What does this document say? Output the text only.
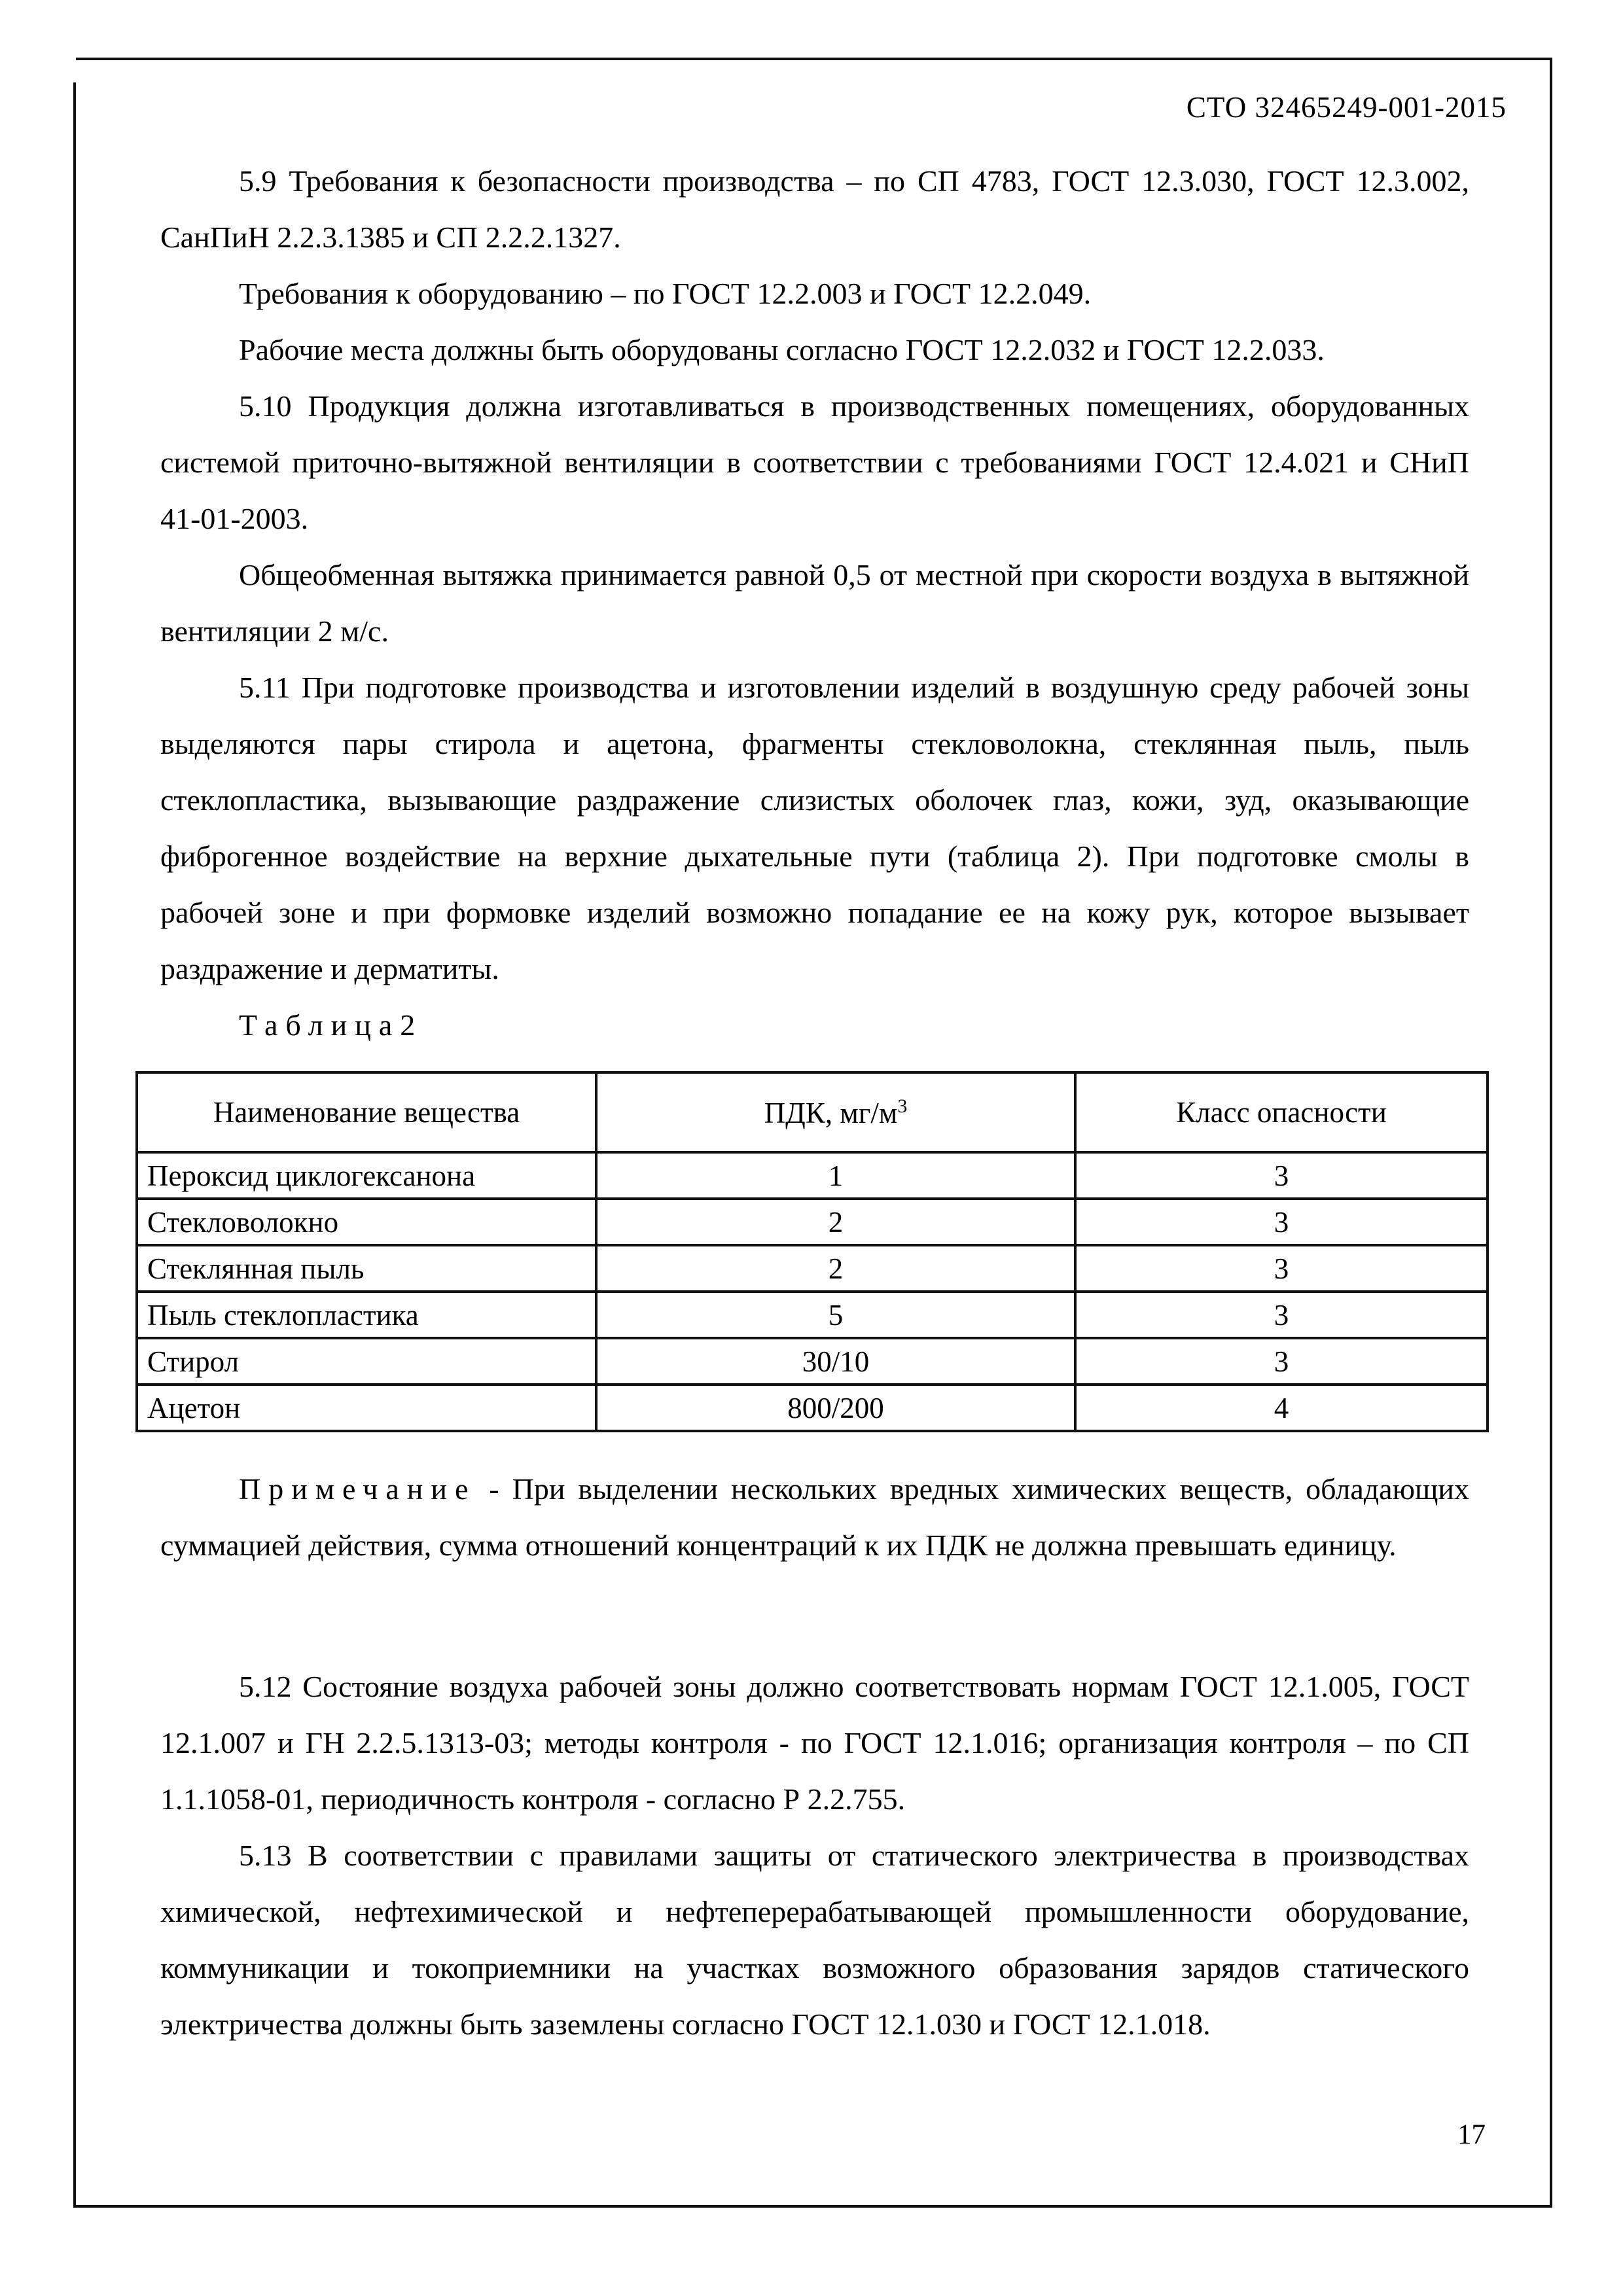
СТО 32465249-001-2015

5.9 Требования к безопасности производства – по СП 4783, ГОСТ 12.3.030, ГОСТ 12.3.002, СанПиН 2.2.3.1385 и СП 2.2.2.1327.

Требования к оборудованию – по ГОСТ 12.2.003 и ГОСТ 12.2.049.

Рабочие места должны быть оборудованы согласно ГОСТ 12.2.032 и ГОСТ 12.2.033.

5.10 Продукция должна изготавливаться в производственных помещениях, оборудованных системой приточно-вытяжной вентиляции в соответствии с требованиями ГОСТ 12.4.021 и СНиП 41-01-2003.

Общеобменная вытяжка принимается равной 0,5 от местной при скорости воздуха в вытяжной вентиляции 2 м/с.

5.11 При подготовке производства и изготовлении изделий в воздушную среду рабочей зоны выделяются пары стирола и ацетона, фрагменты стекловолокна, стеклянная пыль, пыль стеклопластика, вызывающие раздражение слизистых оболочек глаз, кожи, зуд, оказывающие фиброгенное воздействие на верхние дыхательные пути (таблица 2). При подготовке смолы в рабочей зоне и при формовке изделий возможно попадание ее на кожу рук, которое вызывает раздражение и дерматиты.

Таблица2

Наименование вещества	ПДК, $мг/м^3$	Класс опасности
Пероксид циклогексанона	1	3
Стекловолокно	2	3
Стеклянная пыль	2	3
Пыль стеклопластика	5	3
Стирол	30/10	3
Ацетон	800/200	4

Примечание - При выделении нескольких вредных химических веществ, обладающих суммацией действия, сумма отношений концентраций к их ПДК не должна превышать единицу.

5.12 Состояние воздуха рабочей зоны должно соответствовать нормам ГОСТ 12.1.005, ГОСТ 12.1.007 и ГН 2.2.5.1313-03; методы контроля - по ГОСТ 12.1.016; организация контроля – по СП 1.1.1058-01, периодичность контроля - согласно Р 2.2.755.

5.13 В соответствии с правилами защиты от статического электричества в производствах химической, нефтехимической и нефтеперерабатывающей промышленности оборудование, коммуникации и токоприемники на участках возможного образования зарядов статического электричества должны быть заземлены согласно ГОСТ 12.1.030 и ГОСТ 12.1.018.

17
